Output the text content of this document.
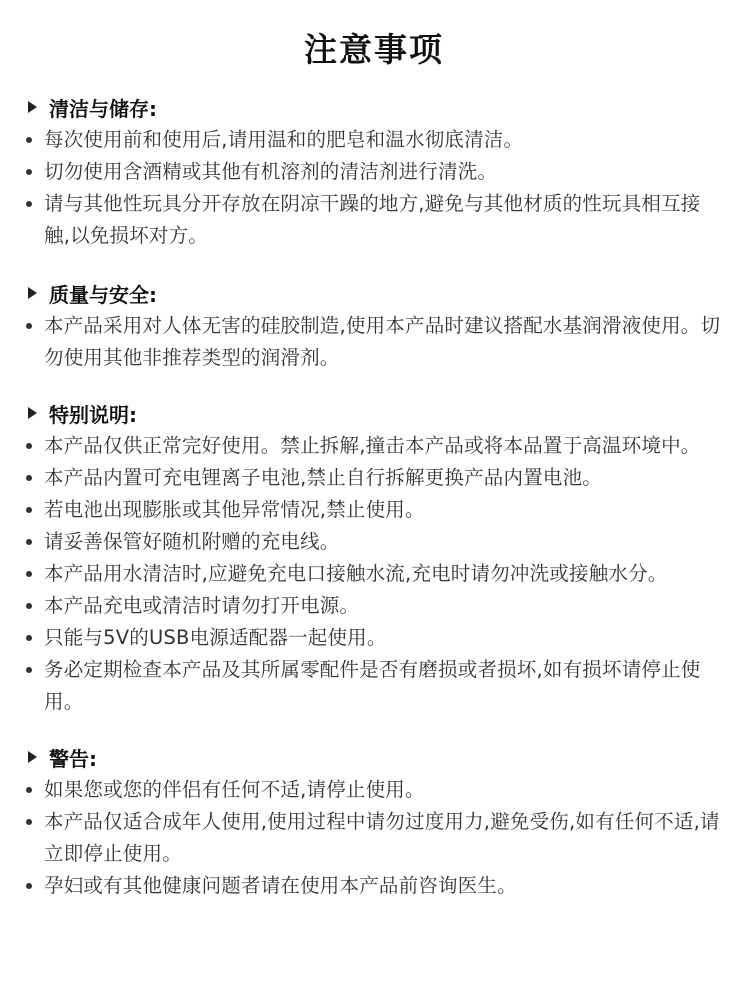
注意事项
清洁与储存:
每次使用前和使用后,请用温和的肥皂和温水彻底清洁。
切勿使用含酒精或其他有机溶剂的清洁剂进行清洗。
请与其他性玩具分开存放在阴凉干躁的地方,避免与其他材质的性玩具相互接触,以免损坏对方。
质量与安全:
本产品采用对人体无害的硅胶制造,使用本产品时建议搭配水基润滑液使用。切勿使用其他非推荐类型的润滑剂。
特别说明:
本产品仅供正常完好使用。禁止拆解,撞击本产品或将本品置于高温环境中。
本产品内置可充电锂离子电池,禁止自行拆解更换产品内置电池。
若电池出现膨胀或其他异常情况,禁止使用。
请妥善保管好随机附赠的充电线。
本产品用水清洁时,应避免充电口接触水流,充电时请勿冲洗或接触水分。
本产品充电或清洁时请勿打开电源。
只能与5V的USB电源适配器一起使用。
务必定期检查本产品及其所属零配件是否有磨损或者损坏,如有损坏请停止使用。
警告:
如果您或您的伴侣有任何不适,请停止使用。
本产品仅适合成年人使用,使用过程中请勿过度用力,避免受伤,如有任何不适,请立即停止使用。
孕妇或有其他健康问题者请在使用本产品前咨询医生。
